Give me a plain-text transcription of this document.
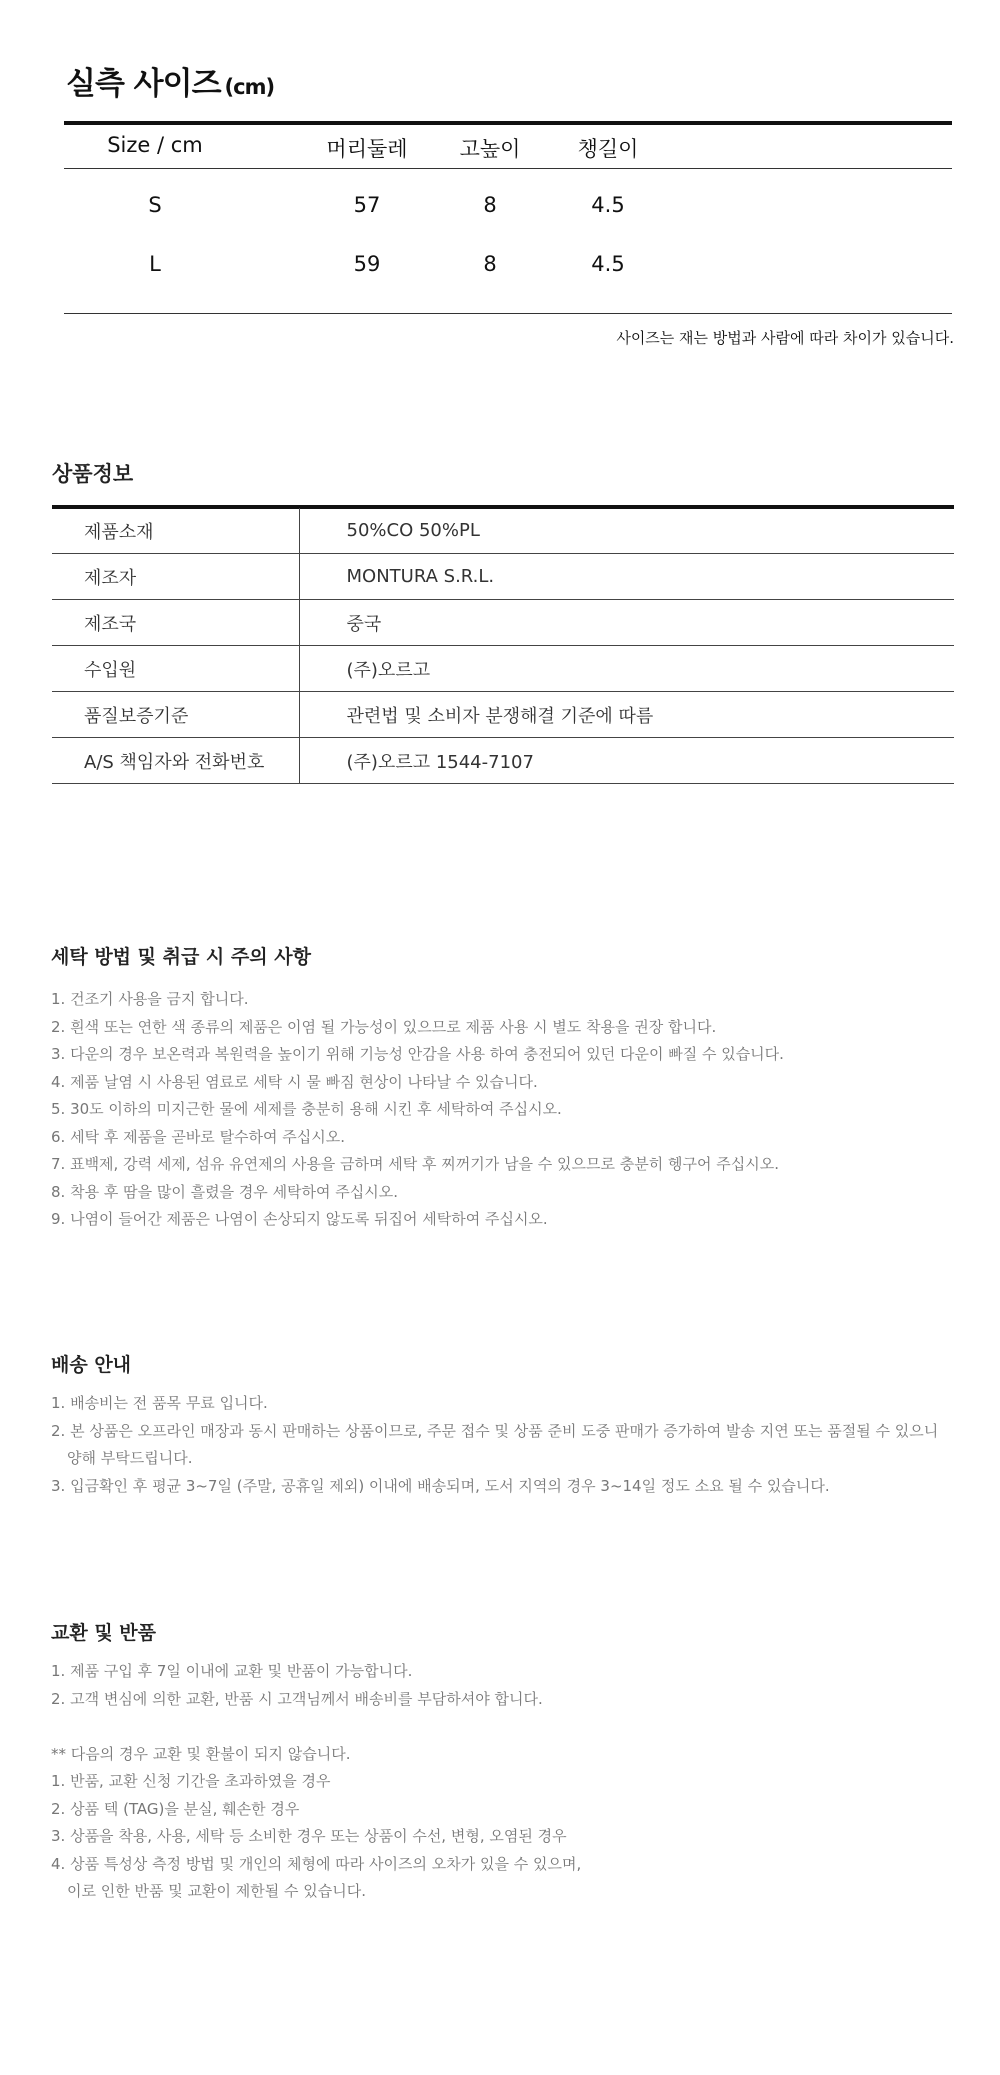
실측 사이즈 (cm)
Size / cm	머리둘레	고높이	챙길이
S	57	8	4.5
L	59	8	4.5
사이즈는 재는 방법과 사람에 따라 차이가 있습니다.
상품정보
제품소재	50%CO 50%PL
제조자	MONTURA S.R.L.
제조국	중국
수입원	(주)오르고
품질보증기준	관련법 및 소비자 분쟁해결 기준에 따름
A/S 책임자와 전화번호	(주)오르고 1544-7107
세탁 방법 및 취급 시 주의 사항
1. 건조기 사용을 금지 합니다.
2. 흰색 또는 연한 색 종류의 제품은 이염 될 가능성이 있으므로 제품 사용 시 별도 착용을 권장 합니다.
3. 다운의 경우 보온력과 복원력을 높이기 위해 기능성 안감을 사용 하여 충전되어 있던 다운이 빠질 수 있습니다.
4. 제품 날염 시 사용된 염료로 세탁 시 물 빠짐 현상이 나타날 수 있습니다.
5. 30도 이하의 미지근한 물에 세제를 충분히 용해 시킨 후 세탁하여 주십시오.
6. 세탁 후 제품을 곧바로 탈수하여 주십시오.
7. 표백제, 강력 세제, 섬유 유연제의 사용을 금하며 세탁 후 찌꺼기가 남을 수 있으므로 충분히 헹구어 주십시오.
8. 착용 후 땀을 많이 흘렸을 경우 세탁하여 주십시오.
9. 나염이 들어간 제품은 나염이 손상되지 않도록 뒤집어 세탁하여 주십시오.
배송 안내
1. 배송비는 전 품목 무료 입니다.
2. 본 상품은 오프라인 매장과 동시 판매하는 상품이므로, 주문 접수 및 상품 준비 도중 판매가 증가하여 발송 지연 또는 품절될 수 있으니
양해 부탁드립니다.
3. 입금확인 후 평균 3~7일 (주말, 공휴일 제외) 이내에 배송되며, 도서 지역의 경우 3~14일 정도 소요 될 수 있습니다.
교환 및 반품
1. 제품 구입 후 7일 이내에 교환 및 반품이 가능합니다.
2. 고객 변심에 의한 교환, 반품 시 고객님께서 배송비를 부담하셔야 합니다.
** 다음의 경우 교환 및 환불이 되지 않습니다.
1. 반품, 교환 신청 기간을 초과하였을 경우
2. 상품 텍 (TAG)을 분실, 훼손한 경우
3. 상품을 착용, 사용, 세탁 등 소비한 경우 또는 상품이 수선, 변형, 오염된 경우
4. 상품 특성상 측정 방법 및 개인의 체형에 따라 사이즈의 오차가 있을 수 있으며,
이로 인한 반품 및 교환이 제한될 수 있습니다.
